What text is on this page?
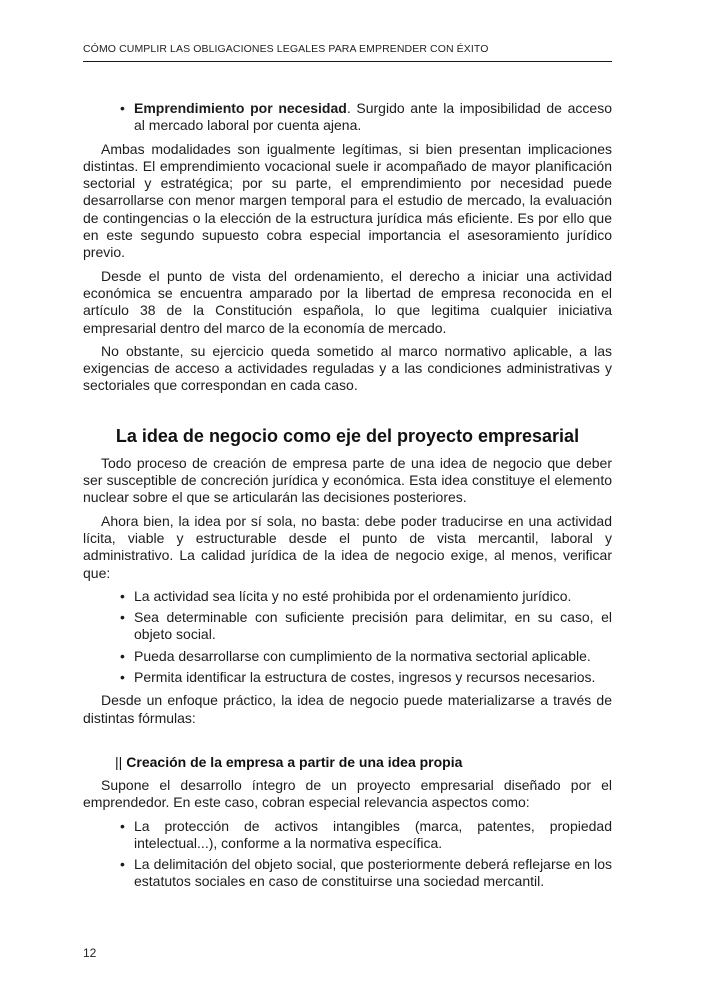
CÓMO CUMPLIR LAS OBLIGACIONES LEGALES PARA EMPRENDER CON ÉXITO
• Emprendimiento por necesidad. Surgido ante la imposibilidad de acceso al mercado laboral por cuenta ajena.

Ambas modalidades son igualmente legítimas, si bien presentan implicaciones distintas. El emprendimiento vocacional suele ir acompañado de mayor planificación sectorial y estratégica; por su parte, el emprendimiento por necesidad puede desarrollarse con menor margen temporal para el estudio de mercado, la evaluación de contingencias o la elección de la estructura jurídica más eficiente. Es por ello que en este segundo supuesto cobra especial importancia el asesoramiento jurídico previo.

Desde el punto de vista del ordenamiento, el derecho a iniciar una actividad económica se encuentra amparado por la libertad de empresa reconocida en el artículo 38 de la Constitución española, lo que legitima cualquier iniciativa empresarial dentro del marco de la economía de mercado.

No obstante, su ejercicio queda sometido al marco normativo aplicable, a las exigencias de acceso a actividades reguladas y a las condiciones administrativas y sectoriales que correspondan en cada caso.

La idea de negocio como eje del proyecto empresarial

Todo proceso de creación de empresa parte de una idea de negocio que deber ser susceptible de concreción jurídica y económica. Esta idea constituye el elemento nuclear sobre el que se articularán las decisiones posteriores.

Ahora bien, la idea por sí sola, no basta: debe poder traducirse en una actividad lícita, viable y estructurable desde el punto de vista mercantil, laboral y administrativo. La calidad jurídica de la idea de negocio exige, al menos, verificar que:

• La actividad sea lícita y no esté prohibida por el ordenamiento jurídico.
• Sea determinable con suficiente precisión para delimitar, en su caso, el objeto social.
• Pueda desarrollarse con cumplimiento de la normativa sectorial aplicable.
• Permita identificar la estructura de costes, ingresos y recursos necesarios.

Desde un enfoque práctico, la idea de negocio puede materializarse a través de distintas fórmulas:

|| Creación de la empresa a partir de una idea propia

Supone el desarrollo íntegro de un proyecto empresarial diseñado por el emprendedor. En este caso, cobran especial relevancia aspectos como:

• La protección de activos intangibles (marca, patentes, propiedad intelectual...), conforme a la normativa específica.
• La delimitación del objeto social, que posteriormente deberá reflejarse en los estatutos sociales en caso de constituirse una sociedad mercantil.
12
